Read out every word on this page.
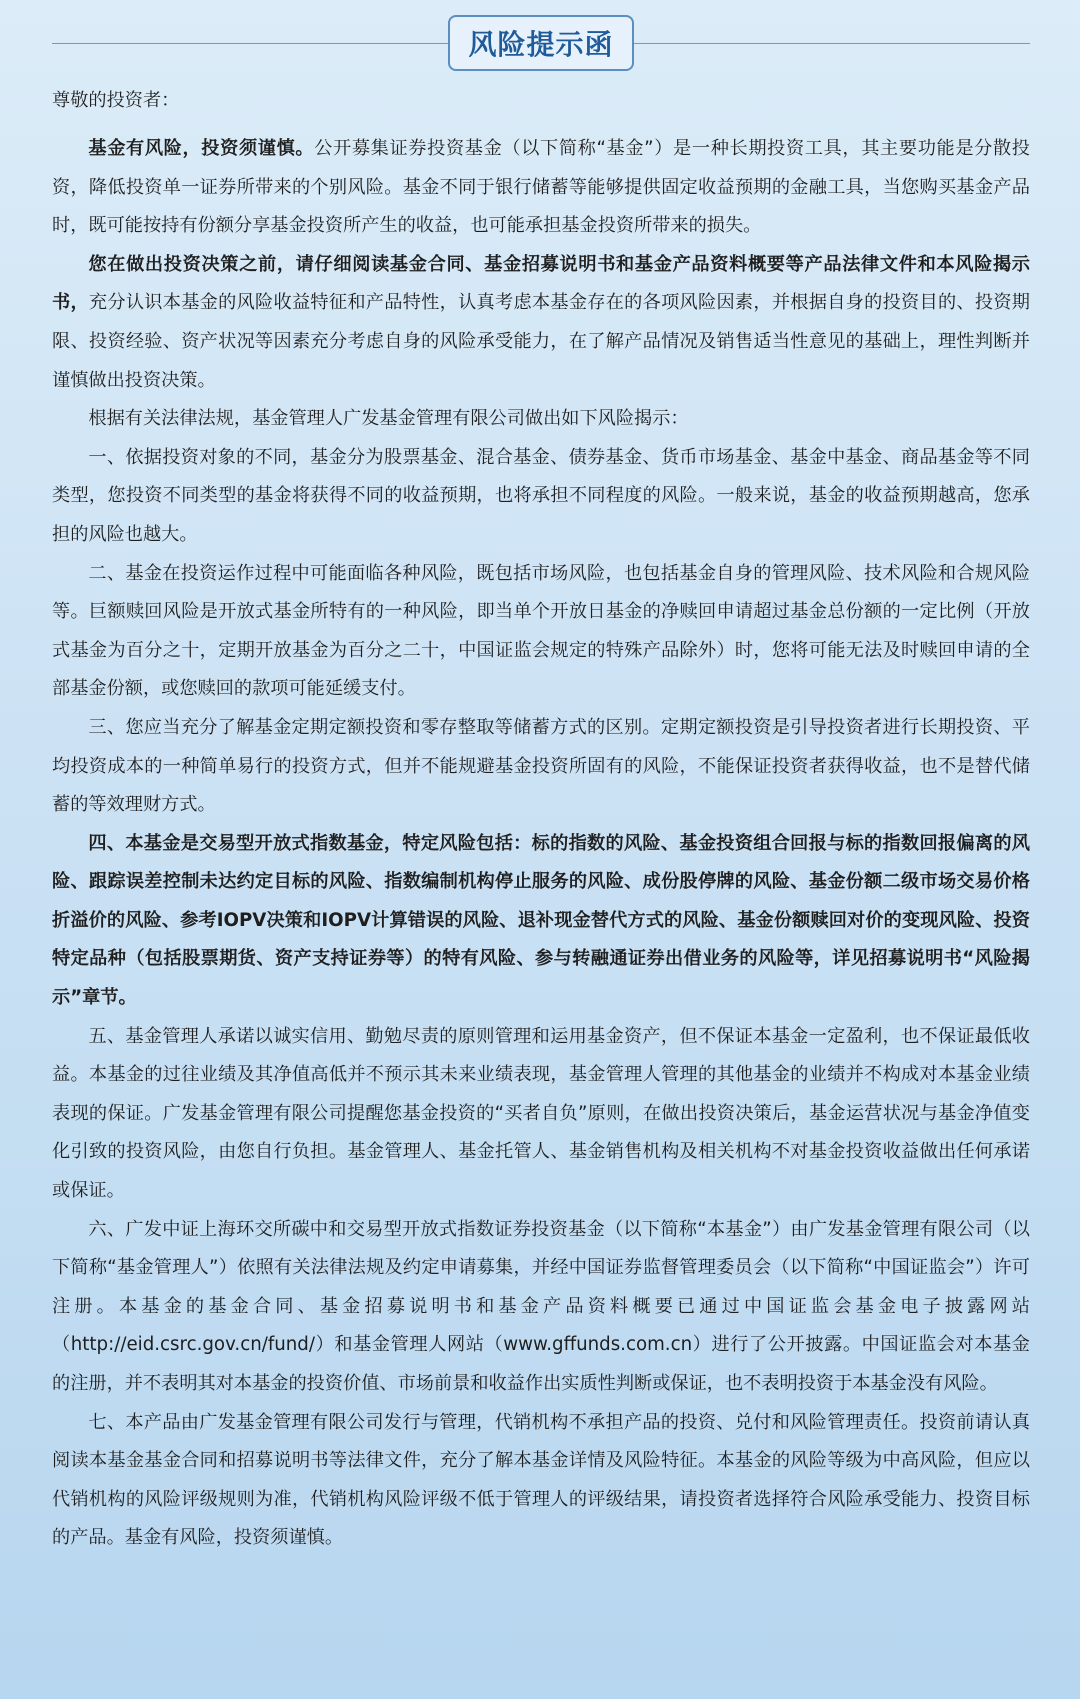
风险提示函
尊敬的投资者：

基金有风险，投资须谨慎。公开募集证券投资基金（以下简称“基金”）是一种长期投资工具，其主要功能是分散投资，降低投资单一证券所带来的个别风险。基金不同于银行储蓄等能够提供固定收益预期的金融工具，当您购买基金产品时，既可能按持有份额分享基金投资所产生的收益，也可能承担基金投资所带来的损失。

您在做出投资决策之前，请仔细阅读基金合同、基金招募说明书和基金产品资料概要等产品法律文件和本风险揭示书，充分认识本基金的风险收益特征和产品特性，认真考虑本基金存在的各项风险因素，并根据自身的投资目的、投资期限、投资经验、资产状况等因素充分考虑自身的风险承受能力，在了解产品情况及销售适当性意见的基础上，理性判断并谨慎做出投资决策。

根据有关法律法规，基金管理人广发基金管理有限公司做出如下风险揭示：

一、依据投资对象的不同，基金分为股票基金、混合基金、债券基金、货币市场基金、基金中基金、商品基金等不同类型，您投资不同类型的基金将获得不同的收益预期，也将承担不同程度的风险。一般来说，基金的收益预期越高，您承担的风险也越大。

二、基金在投资运作过程中可能面临各种风险，既包括市场风险，也包括基金自身的管理风险、技术风险和合规风险等。巨额赎回风险是开放式基金所特有的一种风险，即当单个开放日基金的净赎回申请超过基金总份额的一定比例（开放式基金为百分之十，定期开放基金为百分之二十，中国证监会规定的特殊产品除外）时，您将可能无法及时赎回申请的全部基金份额，或您赎回的款项可能延缓支付。

三、您应当充分了解基金定期定额投资和零存整取等储蓄方式的区别。定期定额投资是引导投资者进行长期投资、平均投资成本的一种简单易行的投资方式，但并不能规避基金投资所固有的风险，不能保证投资者获得收益，也不是替代储蓄的等效理财方式。

四、本基金是交易型开放式指数基金，特定风险包括：标的指数的风险、基金投资组合回报与标的指数回报偏离的风险、跟踪误差控制未达约定目标的风险、指数编制机构停止服务的风险、成份股停牌的风险、基金份额二级市场交易价格折溢价的风险、参考IOPV决策和IOPV计算错误的风险、退补现金替代方式的风险、基金份额赎回对价的变现风险、投资特定品种（包括股票期货、资产支持证券等）的特有风险、参与转融通证券出借业务的风险等，详见招募说明书“风险揭示”章节。

五、基金管理人承诺以诚实信用、勤勉尽责的原则管理和运用基金资产，但不保证本基金一定盈利，也不保证最低收益。本基金的过往业绩及其净值高低并不预示其未来业绩表现，基金管理人管理的其他基金的业绩并不构成对本基金业绩表现的保证。广发基金管理有限公司提醒您基金投资的“买者自负”原则，在做出投资决策后，基金运营状况与基金净值变化引致的投资风险，由您自行负担。基金管理人、基金托管人、基金销售机构及相关机构不对基金投资收益做出任何承诺或保证。

六、广发中证上海环交所碳中和交易型开放式指数证券投资基金（以下简称“本基金”）由广发基金管理有限公司（以下简称“基金管理人”）依照有关法律法规及约定申请募集，并经中国证券监督管理委员会（以下简称“中国证监会”）许可注册。本基金的基金合同、基金招募说明书和基金产品资料概要已通过中国证监会基金电子披露网站（http://eid.csrc.gov.cn/fund/）和基金管理人网站（www.gffunds.com.cn）进行了公开披露。中国证监会对本基金的注册，并不表明其对本基金的投资价值、市场前景和收益作出实质性判断或保证，也不表明投资于本基金没有风险。

七、本产品由广发基金管理有限公司发行与管理，代销机构不承担产品的投资、兑付和风险管理责任。投资前请认真阅读本基金基金合同和招募说明书等法律文件，充分了解本基金详情及风险特征。本基金的风险等级为中高风险，但应以代销机构的风险评级规则为准，代销机构风险评级不低于管理人的评级结果，请投资者选择符合风险承受能力、投资目标的产品。基金有风险，投资须谨慎。
